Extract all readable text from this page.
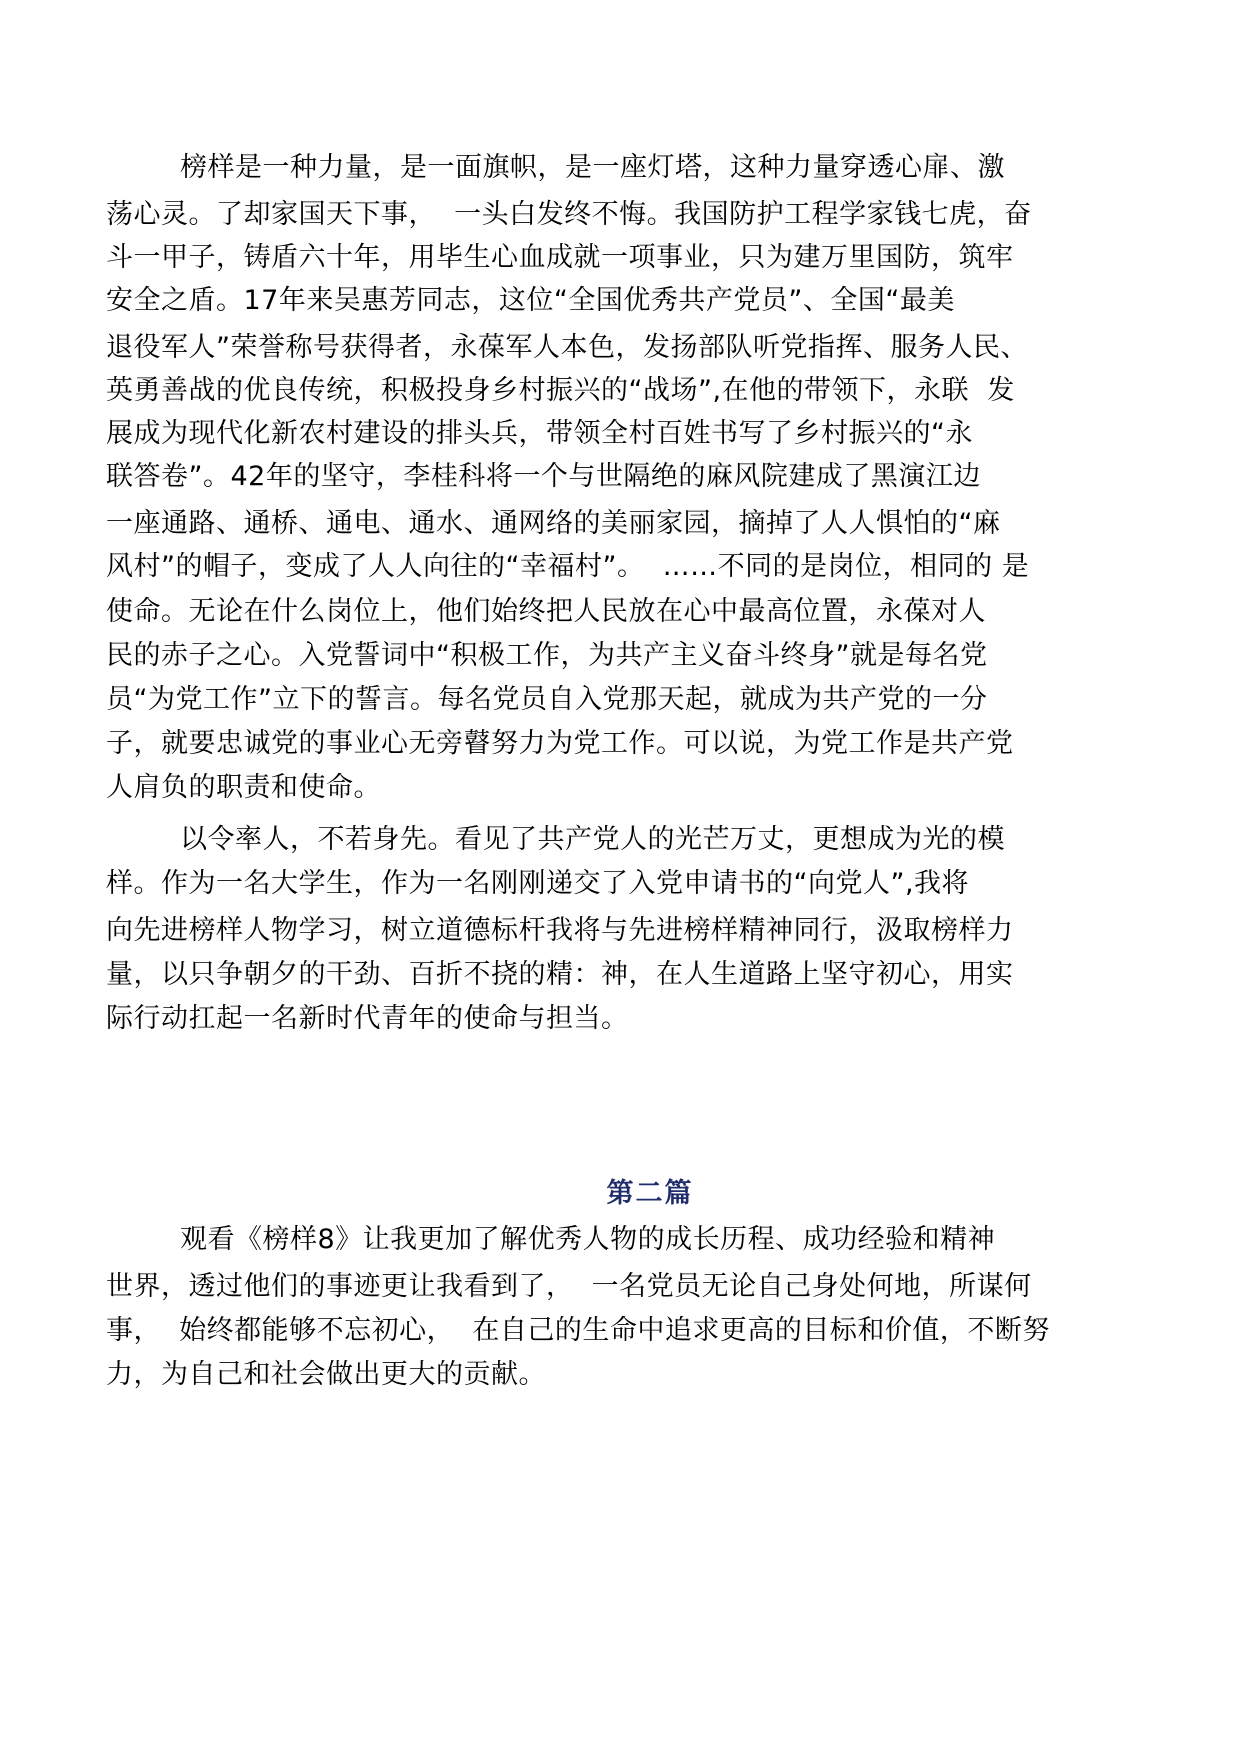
榜样是一种力量，是一面旗帜，是一座灯塔，这种力量穿透心扉、激

荡心灵。了却家国天下事，  一头白发终不悔。我国防护工程学家钱七虎，奋

斗一甲子，铸盾六十年，用毕生心血成就一项事业，只为建万里国防，筑牢

安全之盾。17年来吴惠芳同志，这位“全国优秀共产党员”、全国“最美

退役军人”荣誉称号获得者，永葆军人本色，发扬部队听党指挥、服务人民、

英勇善战的优良传统，积极投身乡村振兴的“战场”,在他的带领下，永联  发

展成为现代化新农村建设的排头兵，带领全村百姓书写了乡村振兴的“永

联答卷”。42年的坚守，李桂科将一个与世隔绝的麻风院建成了黑演江边

一座通路、通桥、通电、通水、通网络的美丽家园，摘掉了人人惧怕的“麻

风村”的帽子，变成了人人向往的“幸福村”。  ……不同的是岗位，相同的 是

使命。无论在什么岗位上，他们始终把人民放在心中最高位置，永葆对人

民的赤子之心。入党誓词中“积极工作，为共产主义奋斗终身”就是每名党

员“为党工作”立下的誓言。每名党员自入党那天起，就成为共产党的一分

子，就要忠诚党的事业心无旁瞽努力为党工作。可以说，为党工作是共产党

人肩负的职责和使命。

以令率人，不若身先。看见了共产党人的光芒万丈，更想成为光的模

样。作为一名大学生，作为一名刚刚递交了入党申请书的“向党人”,我将

向先进榜样人物学习，树立道德标杆我将与先进榜样精神同行，汲取榜样力

量，以只争朝夕的干劲、百折不挠的精：神，在人生道路上坚守初心，用实

际行动扛起一名新时代青年的使命与担当。

第二篇

观看《榜样8》让我更加了解优秀人物的成长历程、成功经验和精神

世界，透过他们的事迹更让我看到了，  一名党员无论自己身处何地，所谋何

事，  始终都能够不忘初心，  在自己的生命中追求更高的目标和价值，不断努

力，为自己和社会做出更大的贡献。
